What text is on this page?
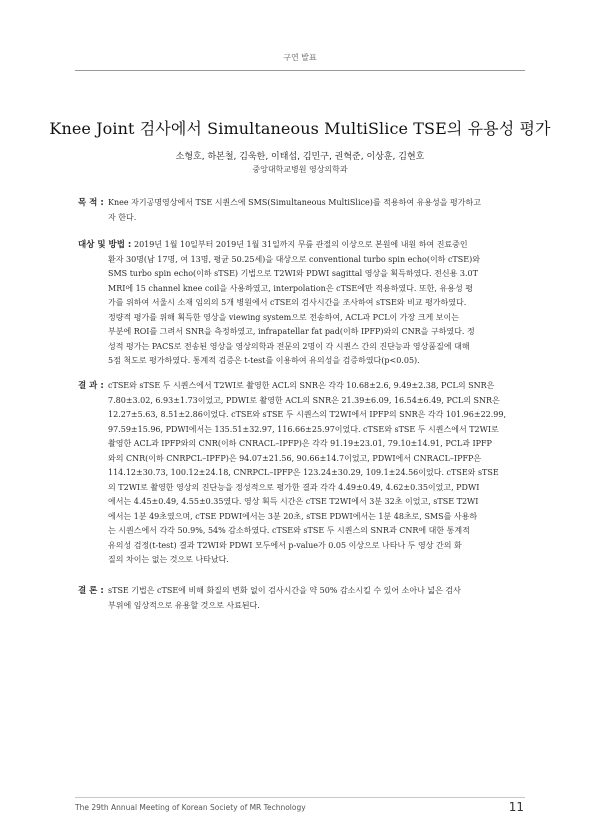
구연 발표
Knee Joint 검사에서 Simultaneous MultiSlice TSE의 유용성 평가
소형호, 하본철, 김욱한, 이태섭, 김민구, 권혁준, 이상훈, 김현호
중앙대학교병원 영상의학과
목 적 : Knee 자기공명영상에서 TSE 시퀀스에 SMS(Simultaneous MultiSlice)를 적용하여 유용성을 평가하고

자 한다.

대상 및 방법 : 2019년 1월 10일부터 2019년 1월 31일까지 무릎 관절의 이상으로 본원에 내원 하여 진료중인

환자 30명(남 17명, 여 13명, 평균 50.25세)을 대상으로 conventional turbo spin echo(이하 cTSE)와

SMS turbo spin echo(이하 sTSE) 기법으로 T2WI와 PDWI sagittal 영상을 획득하였다. 전신용 3.0T

MRI에 15 channel knee coil을 사용하였고, interpolation은 cTSE에만 적용하였다. 또한, 유용성 평

가를 위하여 서울시 소재 임의의 5개 병원에서 cTSE의 검사시간을 조사하여 sTSE와 비교 평가하였다.

정량적 평가를 위해 획득한 영상을 viewing system으로 전송하여, ACL과 PCL이 가장 크게 보이는

부분에 ROI를 그려서 SNR을 측정하였고, infrapatellar fat pad(이하 IPFP)와의 CNR을 구하였다. 정

성적 평가는 PACS로 전송된 영상을 영상의학과 전문의 2명이 각 시퀀스 간의 진단능과 영상품질에 대해

5점 척도로 평가하였다. 통계적 검증은 t-test를 이용하여 유의성을 검증하였다(p<0.05).

결 과 : cTSE와 sTSE 두 시퀀스에서 T2WI로 촬영한 ACL의 SNR은 각각 10.68±2.6, 9.49±2.38, PCL의 SNR은

7.80±3.02, 6.93±1.73이었고, PDWI로 촬영한 ACL의 SNR은 21.39±6.09, 16.54±6.49, PCL의 SNR은

12.27±5.63, 8.51±2.86이었다. cTSE와 sTSE 두 시퀀스의 T2WI에서 IPFP의 SNR은 각각 101.96±22.99,

97.59±15.96, PDWI에서는 135.51±32.97, 116.66±25.97이었다. cTSE와 sTSE 두 시퀀스에서 T2WI로

촬영한 ACL과 IPFP와의 CNR(이하 CNRACL–IPFP)은 각각 91.19±23.01, 79.10±14.91, PCL과 IPFP

와의 CNR(이하 CNRPCL–IPFP)은 94.07±21.56, 90.66±14.7이었고, PDWI에서 CNRACL–IPFP은

114.12±30.73, 100.12±24.18, CNRPCL–IPFP은 123.24±30.29, 109.1±24.56이었다. cTSE와 sTSE

의 T2WI로 촬영한 영상의 진단능을 정성적으로 평가한 결과 각각 4.49±0.49, 4.62±0.35이었고, PDWI

에서는 4.45±0.49, 4.55±0.35였다. 영상 획득 시간은 cTSE T2WI에서 3분 32초 이었고, sTSE T2WI

에서는 1분 49초였으며, cTSE PDWI에서는 3분 20초, sTSE PDWI에서는 1분 48초로, SMS를 사용하

는 시퀀스에서 각각 50.9%, 54% 감소하였다. cTSE와 sTSE 두 시퀀스의 SNR과 CNR에 대한 통계적

유의성 검정(t-test) 결과 T2WI와 PDWI 모두에서 p-value가 0.05 이상으로 나타나 두 영상 간의 화

질의 차이는 없는 것으로 나타났다.

결 론 : sTSE 기법은 cTSE에 비해 화질의 변화 없이 검사시간을 약 50% 감소시킬 수 있어 소아나 넓은 검사

부위에 임상적으로 유용할 것으로 사료된다.

The 29th Annual Meeting of Korean Society of MR Technology	11
